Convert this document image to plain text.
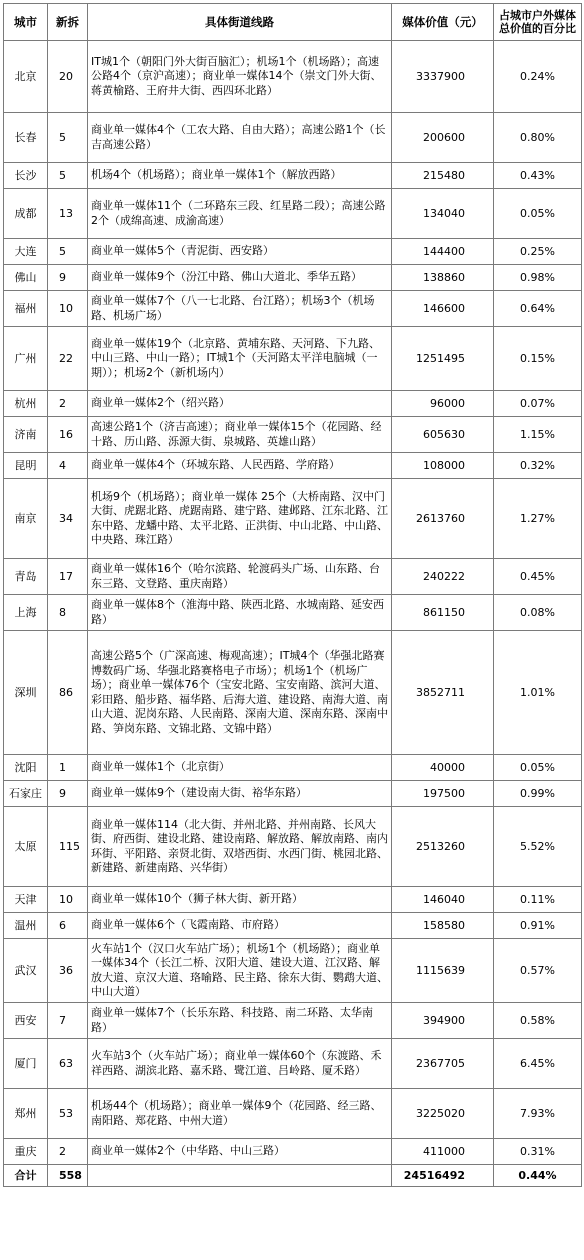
城市	新拆	具体街道线路	媒体价值（元）	占城市户外媒体总价值的百分比
北京	20	IT城1个（朝阳门外大街百脑汇）；机场1个（机场路）；高速公路4个（京沪高速）；商业单一媒体14个（崇文门外大街、蒋黄榆路、王府井大街、西四环北路）	3337900	0.24%
长春	5	商业单一媒体4个（工农大路、自由大路）；高速公路1个（长吉高速公路）	200600	0.80%
长沙	5	机场4个（机场路）；商业单一媒体1个（解放西路）	215480	0.43%
成都	13	商业单一媒体11个（二环路东三段、红星路二段）；高速公路2个（成绵高速、成渝高速）	134040	0.05%
大连	5	商业单一媒体5个（青泥街、西安路）	144400	0.25%
佛山	9	商业单一媒体9个（汾江中路、佛山大道北、季华五路）	138860	0.98%
福州	10	商业单一媒体7个（八一七北路、台江路）；机场3个（机场路、机场广场）	146600	0.64%
广州	22	商业单一媒体19个（北京路、黄埔东路、天河路、下九路、中山三路、中山一路）；IT城1个（天河路太平洋电脑城（一期））；机场2个（新机场内）	1251495	0.15%
杭州	2	商业单一媒体2个（绍兴路）	96000	0.07%
济南	16	高速公路1个（济吉高速）；商业单一媒体15个（花园路、经十路、历山路、泺源大街、泉城路、英雄山路）	605630	1.15%
昆明	4	商业单一媒体4个（环城东路、人民西路、学府路）	108000	0.32%
南京	34	机场9个（机场路）；商业单一媒体 25个（大桥南路、汉中门大街、虎踞北路、虎踞南路、建宁路、建邺路、江东北路、江东中路、龙蟠中路、太平北路、正洪街、中山北路、中山路、中央路、珠江路）	2613760	1.27%
青岛	17	商业单一媒体16个（哈尔滨路、轮渡码头广场、山东路、台东三路、文登路、重庆南路）	240222	0.45%
上海	8	商业单一媒体8个（淮海中路、陕西北路、水城南路、延安西路）	861150	0.08%
深圳	86	高速公路5个（广深高速、梅观高速）；IT城4个（华强北路赛博数码广场、华强北路赛格电子市场）；机场1个（机场广场）；商业单一媒体76个（宝安北路、宝安南路、滨河大道、彩田路、船步路、福华路、后海大道、建设路、南海大道、南山大道、泥岗东路、人民南路、深南大道、深南东路、深南中路、笋岗东路、文锦北路、文锦中路）	3852711	1.01%
沈阳	1	商业单一媒体1个（北京街）	40000	0.05%
石家庄	9	商业单一媒体9个（建设南大街、裕华东路）	197500	0.99%
太原	115	商业单一媒体114（北大街、并州北路、并州南路、长风大街、府西街、建设北路、建设南路、解放路、解放南路、南内环街、平阳路、亲贤北街、双塔西街、水西门街、桃园北路、新建路、新建南路、兴华街）	2513260	5.52%
天津	10	商业单一媒体10个（狮子林大街、新开路）	146040	0.11%
温州	6	商业单一媒体6个（飞霞南路、市府路）	158580	0.91%
武汉	36	火车站1个（汉口火车站广场）；机场1个（机场路）；商业单一媒体34个（长江二桥、汉阳大道、建设大道、江汉路、解放大道、京汉大道、珞喻路、民主路、徐东大街、鹦鹉大道、中山大道）	1115639	0.57%
西安	7	商业单一媒体7个（长乐东路、科技路、南二环路、太华南路）	394900	0.58%
厦门	63	火车站3个（火车站广场）；商业单一媒体60个（东渡路、禾祥西路、湖滨北路、嘉禾路、鹭江道、吕岭路、厦禾路）	2367705	6.45%
郑州	53	机场44个（机场路）；商业单一媒体9个（花园路、经三路、南阳路、郑花路、中州大道）	3225020	7.93%
重庆	2	商业单一媒体2个（中华路、中山三路）	411000	0.31%
合计	558		24516492	0.44%
